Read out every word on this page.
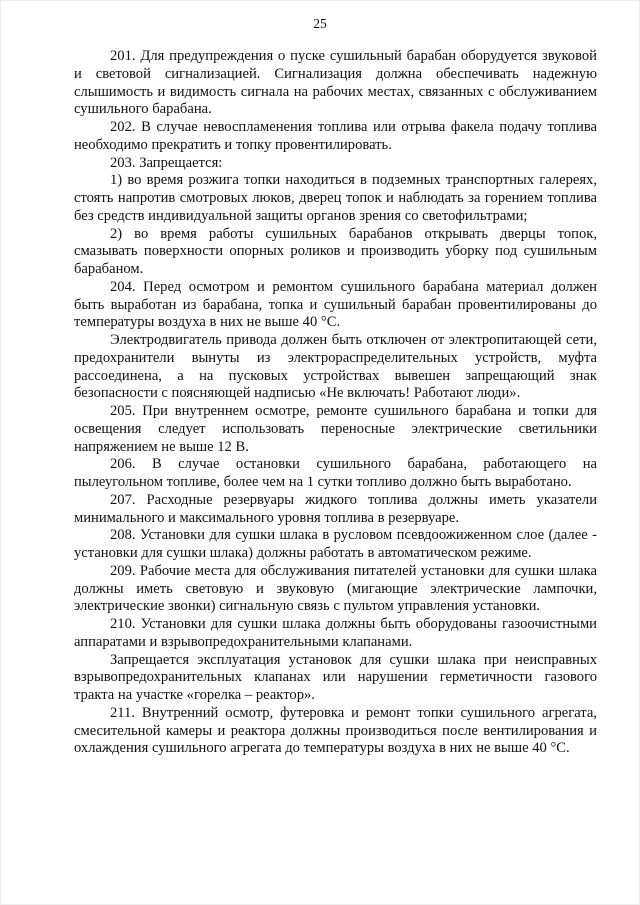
25

201. Для предупреждения о пуске сушильный барабан оборудуется звуковой и световой сигнализацией. Сигнализация должна обеспечивать надежную слышимость и видимость сигнала на рабочих местах, связанных с обслуживанием сушильного барабана.

202. В случае невоспламенения топлива или отрыва факела подачу топлива необходимо прекратить и топку провентилировать.

203. Запрещается:

1) во время розжига топки находиться в подземных транспортных галереях, стоять напротив смотровых люков, дверец топок и наблюдать за горением топлива без средств индивидуальной защиты органов зрения со светофильтрами;

2) во время работы сушильных барабанов открывать дверцы топок, смазывать поверхности опорных роликов и производить уборку под сушильным барабаном.

204. Перед осмотром и ремонтом сушильного барабана материал должен быть выработан из барабана, топка и сушильный барабан провентилированы до температуры воздуха в них не выше 40 °С.

Электродвигатель привода должен быть отключен от электропитающей сети, предохранители вынуты из электрораспределительных устройств, муфта рассоединена, а на пусковых устройствах вывешен запрещающий знак безопасности с поясняющей надписью «Не включать! Работают люди».

205. При внутреннем осмотре, ремонте сушильного барабана и топки для освещения следует использовать переносные электрические светильники напряжением не выше 12 В.

206. В случае остановки сушильного барабана, работающего на пылеугольном топливе, более чем на 1 сутки топливо должно быть выработано.

207. Расходные резервуары жидкого топлива должны иметь указатели минимального и максимального уровня топлива в резервуаре.

208. Установки для сушки шлака в русловом псевдоожиженном слое (далее - установки для сушки шлака) должны работать в автоматическом режиме.

209. Рабочие места для обслуживания питателей установки для сушки шлака должны иметь световую и звуковую (мигающие электрические лампочки, электрические звонки) сигнальную связь с пультом управления установки.

210. Установки для сушки шлака должны быть оборудованы газоочистными аппаратами и взрывопредохранительными клапанами.

Запрещается эксплуатация установок для сушки шлака при неисправных взрывопредохранительных клапанах или нарушении герметичности газового тракта на участке «горелка – реактор».

211. Внутренний осмотр, футеровка и ремонт топки сушильного агрегата, смесительной камеры и реактора должны производиться после вентилирования и охлаждения сушильного агрегата до температуры воздуха в них не выше 40 °С.
